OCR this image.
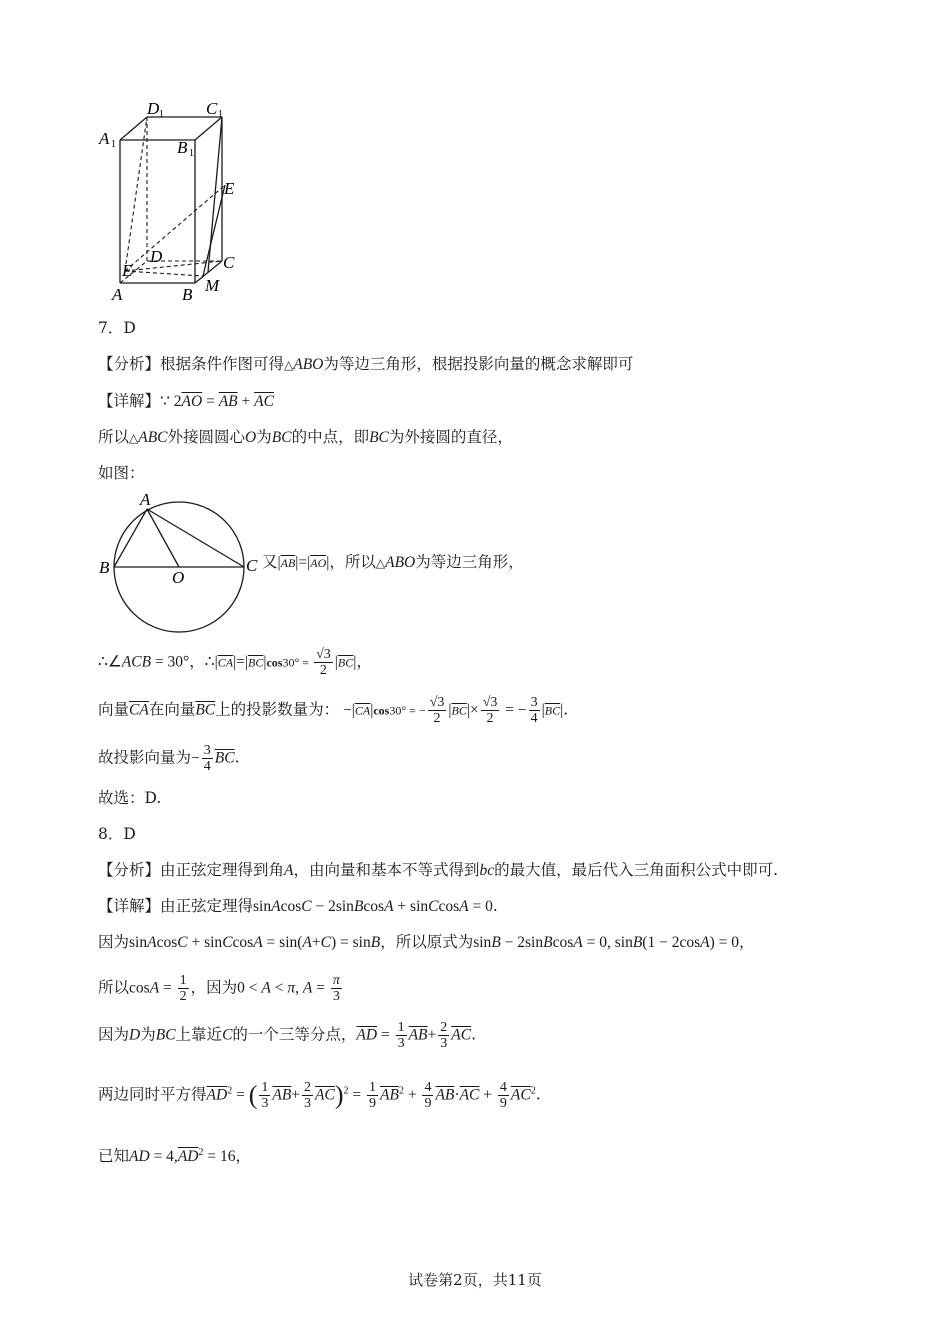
D 1 C 1
A 1	B 1
E
D	C
E
A	B M
7．D
【分析】根据条件作图可得△ABO为等边三角形，根据投影向量的概念求解即可
【详解】∵ $2\overline{AO} = \overline{AB} + \overline{AC}$
所以△ABC外接圆圆心O为BC的中点，即BC为外接圆的直径，
如图：
A
B	C
O
又$|\overline{AB}|=|\overline{AO}|$，所以△ABO为等边三角形，
∴∠ACB = 30°，$\therefore|\overline{CA}|=|\overline{BC}|\cos 30^\circ = \frac{√3}{2} |\overline{BC}|$，
向量$\overline{CA}$在向量$\overline{BC}$上的投影数量为： $-|\overline{CA}|\cos 30^\circ$ = − $\frac{√3}{2} |\overline{BC}|\times \frac{√3}{2}$ = − $\frac{3}{4} |\overline{BC}|$.
故投影向量为− $\frac{3}{4} \overline{BC}$.
故选：D.
8．D
【分析】由正弦定理得到角A，由向量和基本不等式得到bc的最大值，最后代入三角面积公式中即可.
【详解】由正弦定理得sinAcosC − 2sinBcosA + sinCcosA = 0.
因为sinAcosC + sinCcosA = sin(A+C) = sinB，所以原式为sinB − 2sinBcosA = 0, sinB(1 − 2cosA) = 0，
所以$\cos A = \frac{1}{2}$ ，因为0 < A < π, $A = \frac{\pi}{3}$
因为D为BC上靠近C的一个三等分点，$\overline{AD} = \frac{1}{3} \overline{AB}+ \frac{2}{3} \overline{AC}$.
两边同时平方得$\overline{AD}^2$ = ( $\frac{1}{3} \overline{AB}+ \frac{2}{3} \overline{AC})^2 = \frac{1}{9} \overline{AB}^2 + \frac{4}{9} \overline{AB}\cdot\overline{AC} + \frac{4}{9} \overline{AC}^2$.
已知AD = $4,\overline{AD}^2 = 16$，
试卷第2页，共11页
